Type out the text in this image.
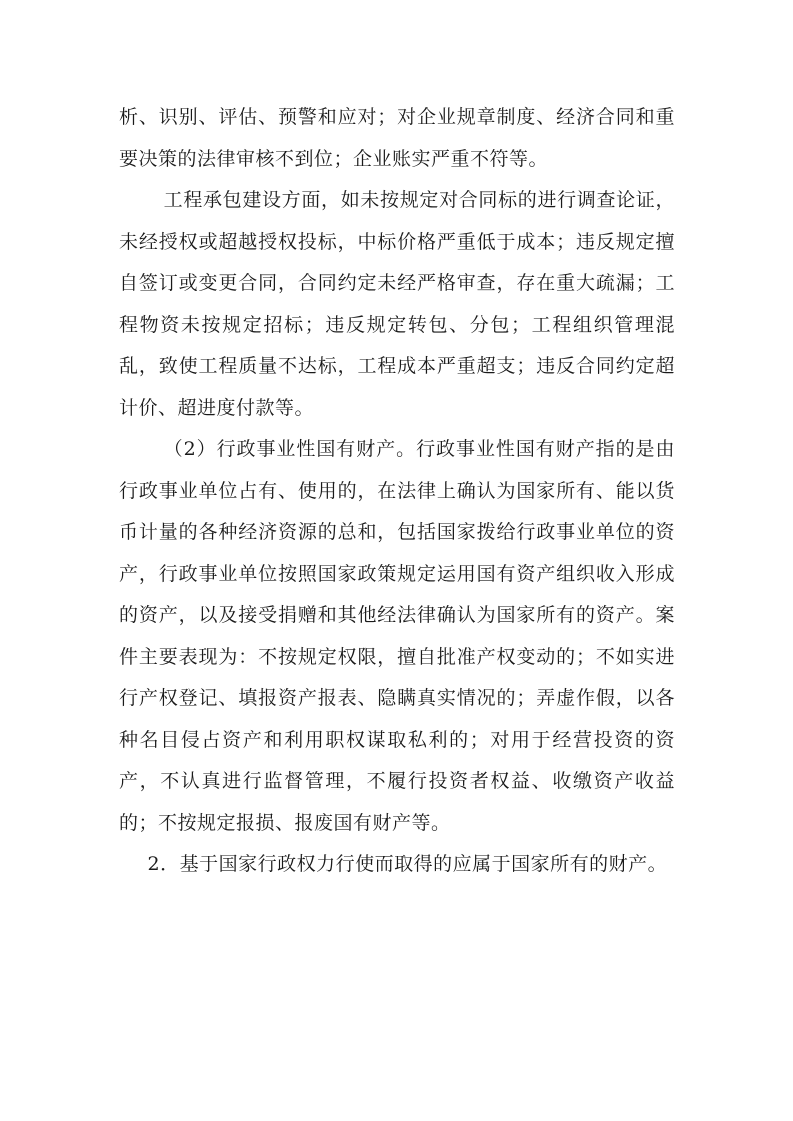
析、识别、评估、预警和应对；对企业规章制度、经济合同和重要决策的法律审核不到位；企业账实严重不符等。

工程承包建设方面，如未按规定对合同标的进行调查论证，未经授权或超越授权投标，中标价格严重低于成本；违反规定擅自签订或变更合同，合同约定未经严格审查，存在重大疏漏；工程物资未按规定招标；违反规定转包、分包；工程组织管理混乱，致使工程质量不达标，工程成本严重超支；违反合同约定超计价、超进度付款等。

（2）行政事业性国有财产。行政事业性国有财产指的是由行政事业单位占有、使用的，在法律上确认为国家所有、能以货币计量的各种经济资源的总和，包括国家拨给行政事业单位的资产，行政事业单位按照国家政策规定运用国有资产组织收入形成的资产，以及接受捐赠和其他经法律确认为国家所有的资产。案件主要表现为：不按规定权限，擅自批准产权变动的；不如实进行产权登记、填报资产报表、隐瞒真实情况的；弄虚作假，以各种名目侵占资产和利用职权谋取私利的；对用于经营投资的资产，不认真进行监督管理，不履行投资者权益、收缴资产收益的；不按规定报损、报废国有财产等。

2．基于国家行政权力行使而取得的应属于国家所有的财产。
